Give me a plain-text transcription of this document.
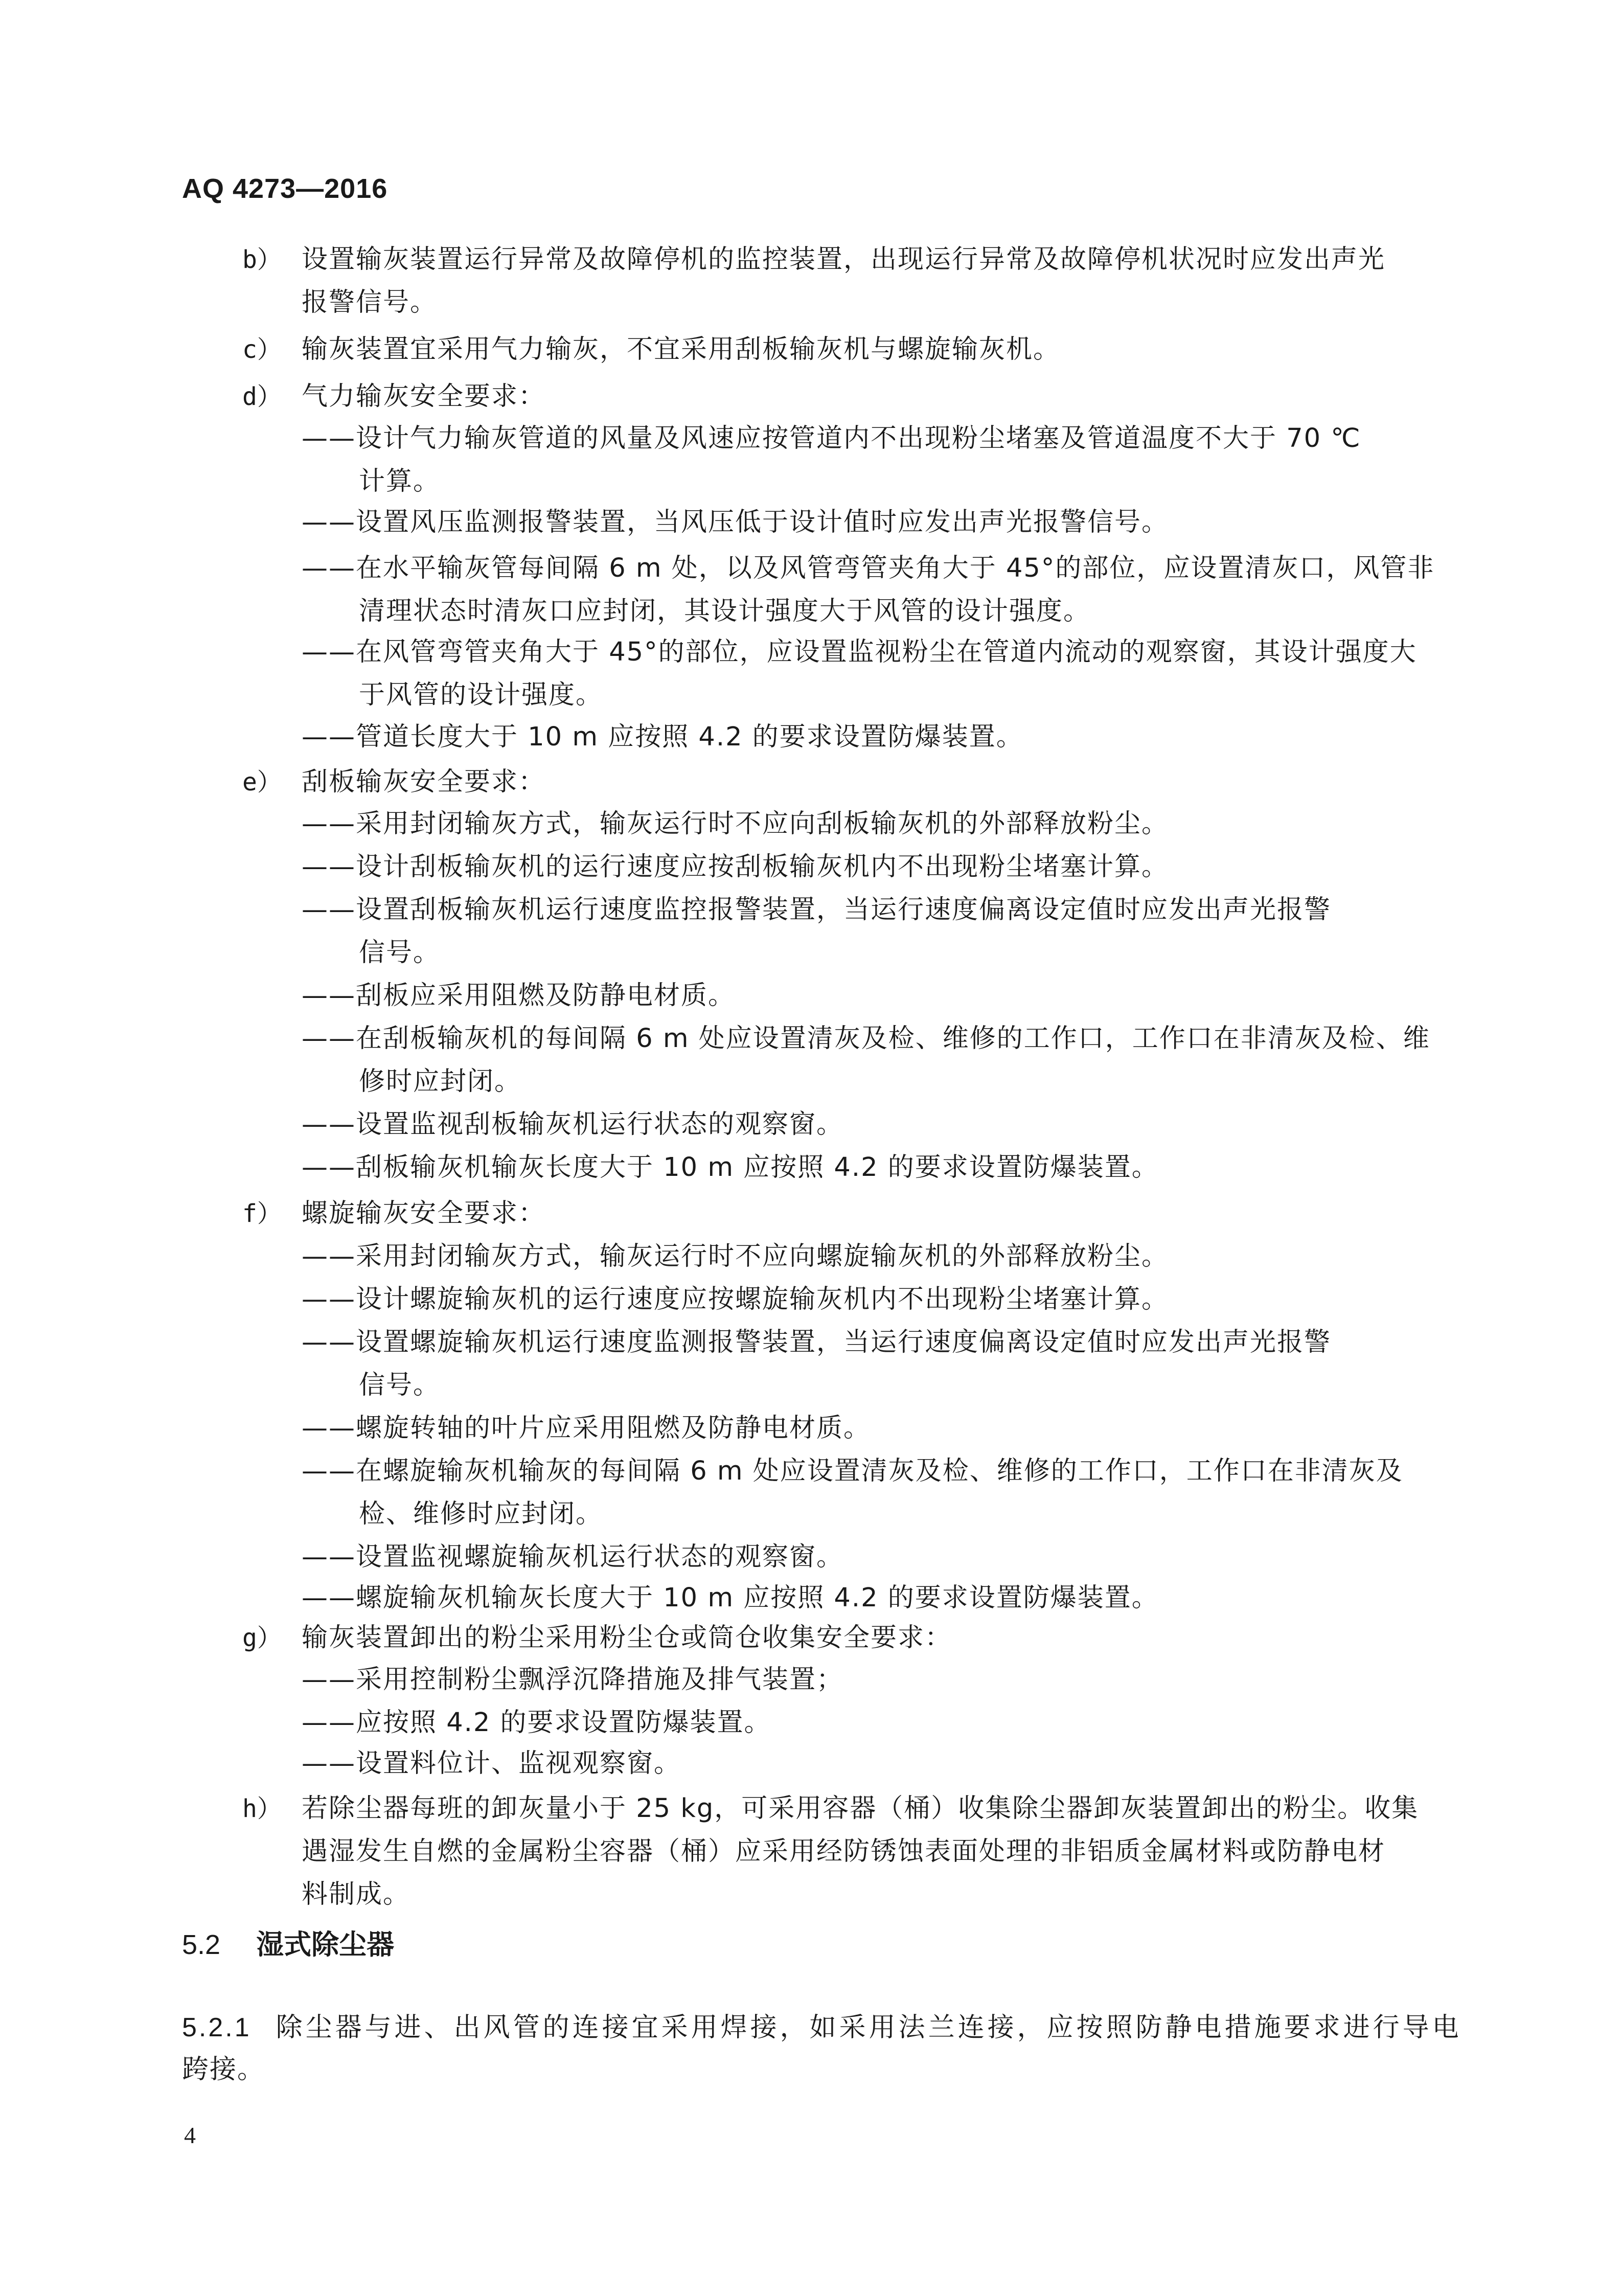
AQ 4273—2016
b） 设置输灰装置运行异常及故障停机的监控装置，出现运行异常及故障停机状况时应发出声光
报警信号。
c） 输灰装置宜采用气力输灰，不宜采用刮板输灰机与螺旋输灰机。
d） 气力输灰安全要求：
e） 刮板输灰安全要求：
f） 螺旋输灰安全要求：
g） 输灰装置卸出的粉尘采用粉尘仓或筒仓收集安全要求：
h） 若除尘器每班的卸灰量小于 25 kg，可采用容器（桶）收集除尘器卸灰装置卸出的粉尘。收集
遇湿发生自燃的金属粉尘容器（桶）应采用经防锈蚀表面处理的非铝质金属材料或防静电材
料制成。
——设计气力输灰管道的风量及风速应按管道内不出现粉尘堵塞及管道温度不大于 70 ℃
计算。
——设置风压监测报警装置，当风压低于设计值时应发出声光报警信号。
——在水平输灰管每间隔 6 m 处，以及风管弯管夹角大于 45°的部位，应设置清灰口，风管非
清理状态时清灰口应封闭，其设计强度大于风管的设计强度。
——在风管弯管夹角大于 45°的部位，应设置监视粉尘在管道内流动的观察窗，其设计强度大
于风管的设计强度。
——管道长度大于 10 m 应按照 4.2 的要求设置防爆装置。
——采用封闭输灰方式，输灰运行时不应向刮板输灰机的外部释放粉尘。
——设计刮板输灰机的运行速度应按刮板输灰机内不出现粉尘堵塞计算。
——设置刮板输灰机运行速度监控报警装置，当运行速度偏离设定值时应发出声光报警
信号。
——刮板应采用阻燃及防静电材质。
——在刮板输灰机的每间隔 6 m 处应设置清灰及检、维修的工作口，工作口在非清灰及检、维
修时应封闭。
——设置监视刮板输灰机运行状态的观察窗。
——刮板输灰机输灰长度大于 10 m 应按照 4.2 的要求设置防爆装置。
——采用封闭输灰方式，输灰运行时不应向螺旋输灰机的外部释放粉尘。
——设计螺旋输灰机的运行速度应按螺旋输灰机内不出现粉尘堵塞计算。
——设置螺旋输灰机运行速度监测报警装置，当运行速度偏离设定值时应发出声光报警
信号。
——螺旋转轴的叶片应采用阻燃及防静电材质。
——在螺旋输灰机输灰的每间隔 6 m 处应设置清灰及检、维修的工作口，工作口在非清灰及
检、维修时应封闭。
——设置监视螺旋输灰机运行状态的观察窗。
——螺旋输灰机输灰长度大于 10 m 应按照 4.2 的要求设置防爆装置。
——采用控制粉尘飘浮沉降措施及排气装置；
——应按照 4.2 的要求设置防爆装置。
——设置料位计、监视观察窗。
5.2 湿式除尘器
5.2.1 除尘器与进、出风管的连接宜采用焊接，如采用法兰连接，应按照防静电措施要求进行导电
跨接。
4
